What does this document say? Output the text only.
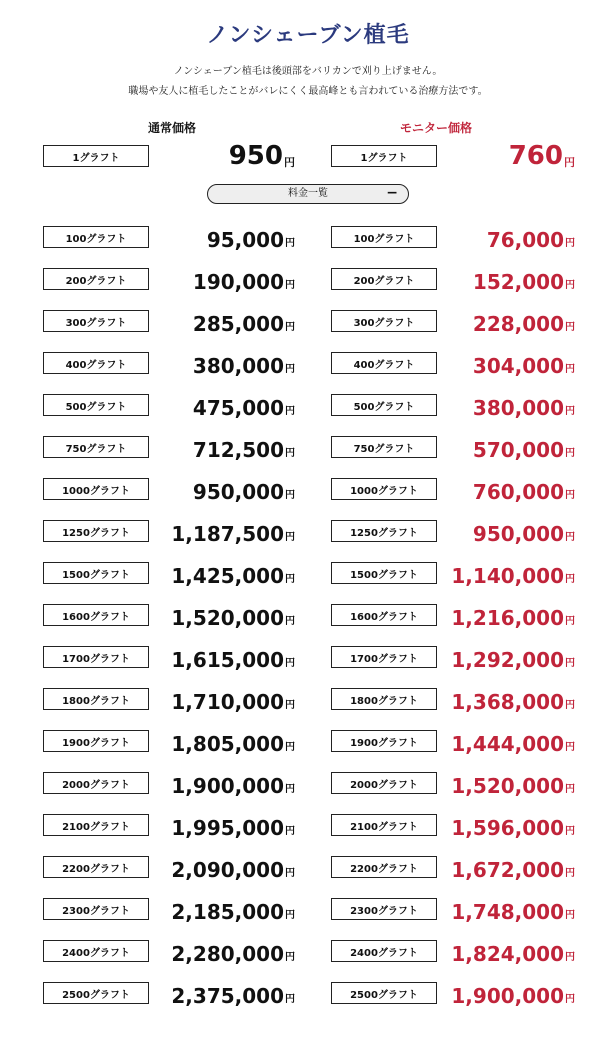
ノンシェーブン植毛
ノンシェーブン植毛は後頭部をバリカンで刈り上げません。
職場や友人に植毛したことがバレにくく最高峰とも言われている治療方法です。
通常価格	モニター価格
1グラフト	950 円	1グラフト	760 円
料金一覧	−
100グラフト	95,000 円	100グラフト	76,000 円
200グラフト	190,000 円	200グラフト	152,000 円
300グラフト	285,000 円	300グラフト	228,000 円
400グラフト	380,000 円	400グラフト	304,000 円
500グラフト	475,000 円	500グラフト	380,000 円
750グラフト	712,500 円	750グラフト	570,000 円
1000グラフト	950,000 円	1000グラフト	760,000 円
1250グラフト	1,187,500 円	1250グラフト	950,000 円
1500グラフト	1,425,000 円	1500グラフト	1,140,000 円
1600グラフト	1,520,000 円	1600グラフト	1,216,000 円
1700グラフト	1,615,000 円	1700グラフト	1,292,000 円
1800グラフト	1,710,000 円	1800グラフト	1,368,000 円
1900グラフト	1,805,000 円	1900グラフト	1,444,000 円
2000グラフト	1,900,000 円	2000グラフト	1,520,000 円
2100グラフト	1,995,000 円	2100グラフト	1,596,000 円
2200グラフト	2,090,000 円	2200グラフト	1,672,000 円
2300グラフト	2,185,000 円	2300グラフト	1,748,000 円
2400グラフト	2,280,000 円	2400グラフト	1,824,000 円
2500グラフト	2,375,000 円	2500グラフト	1,900,000 円
